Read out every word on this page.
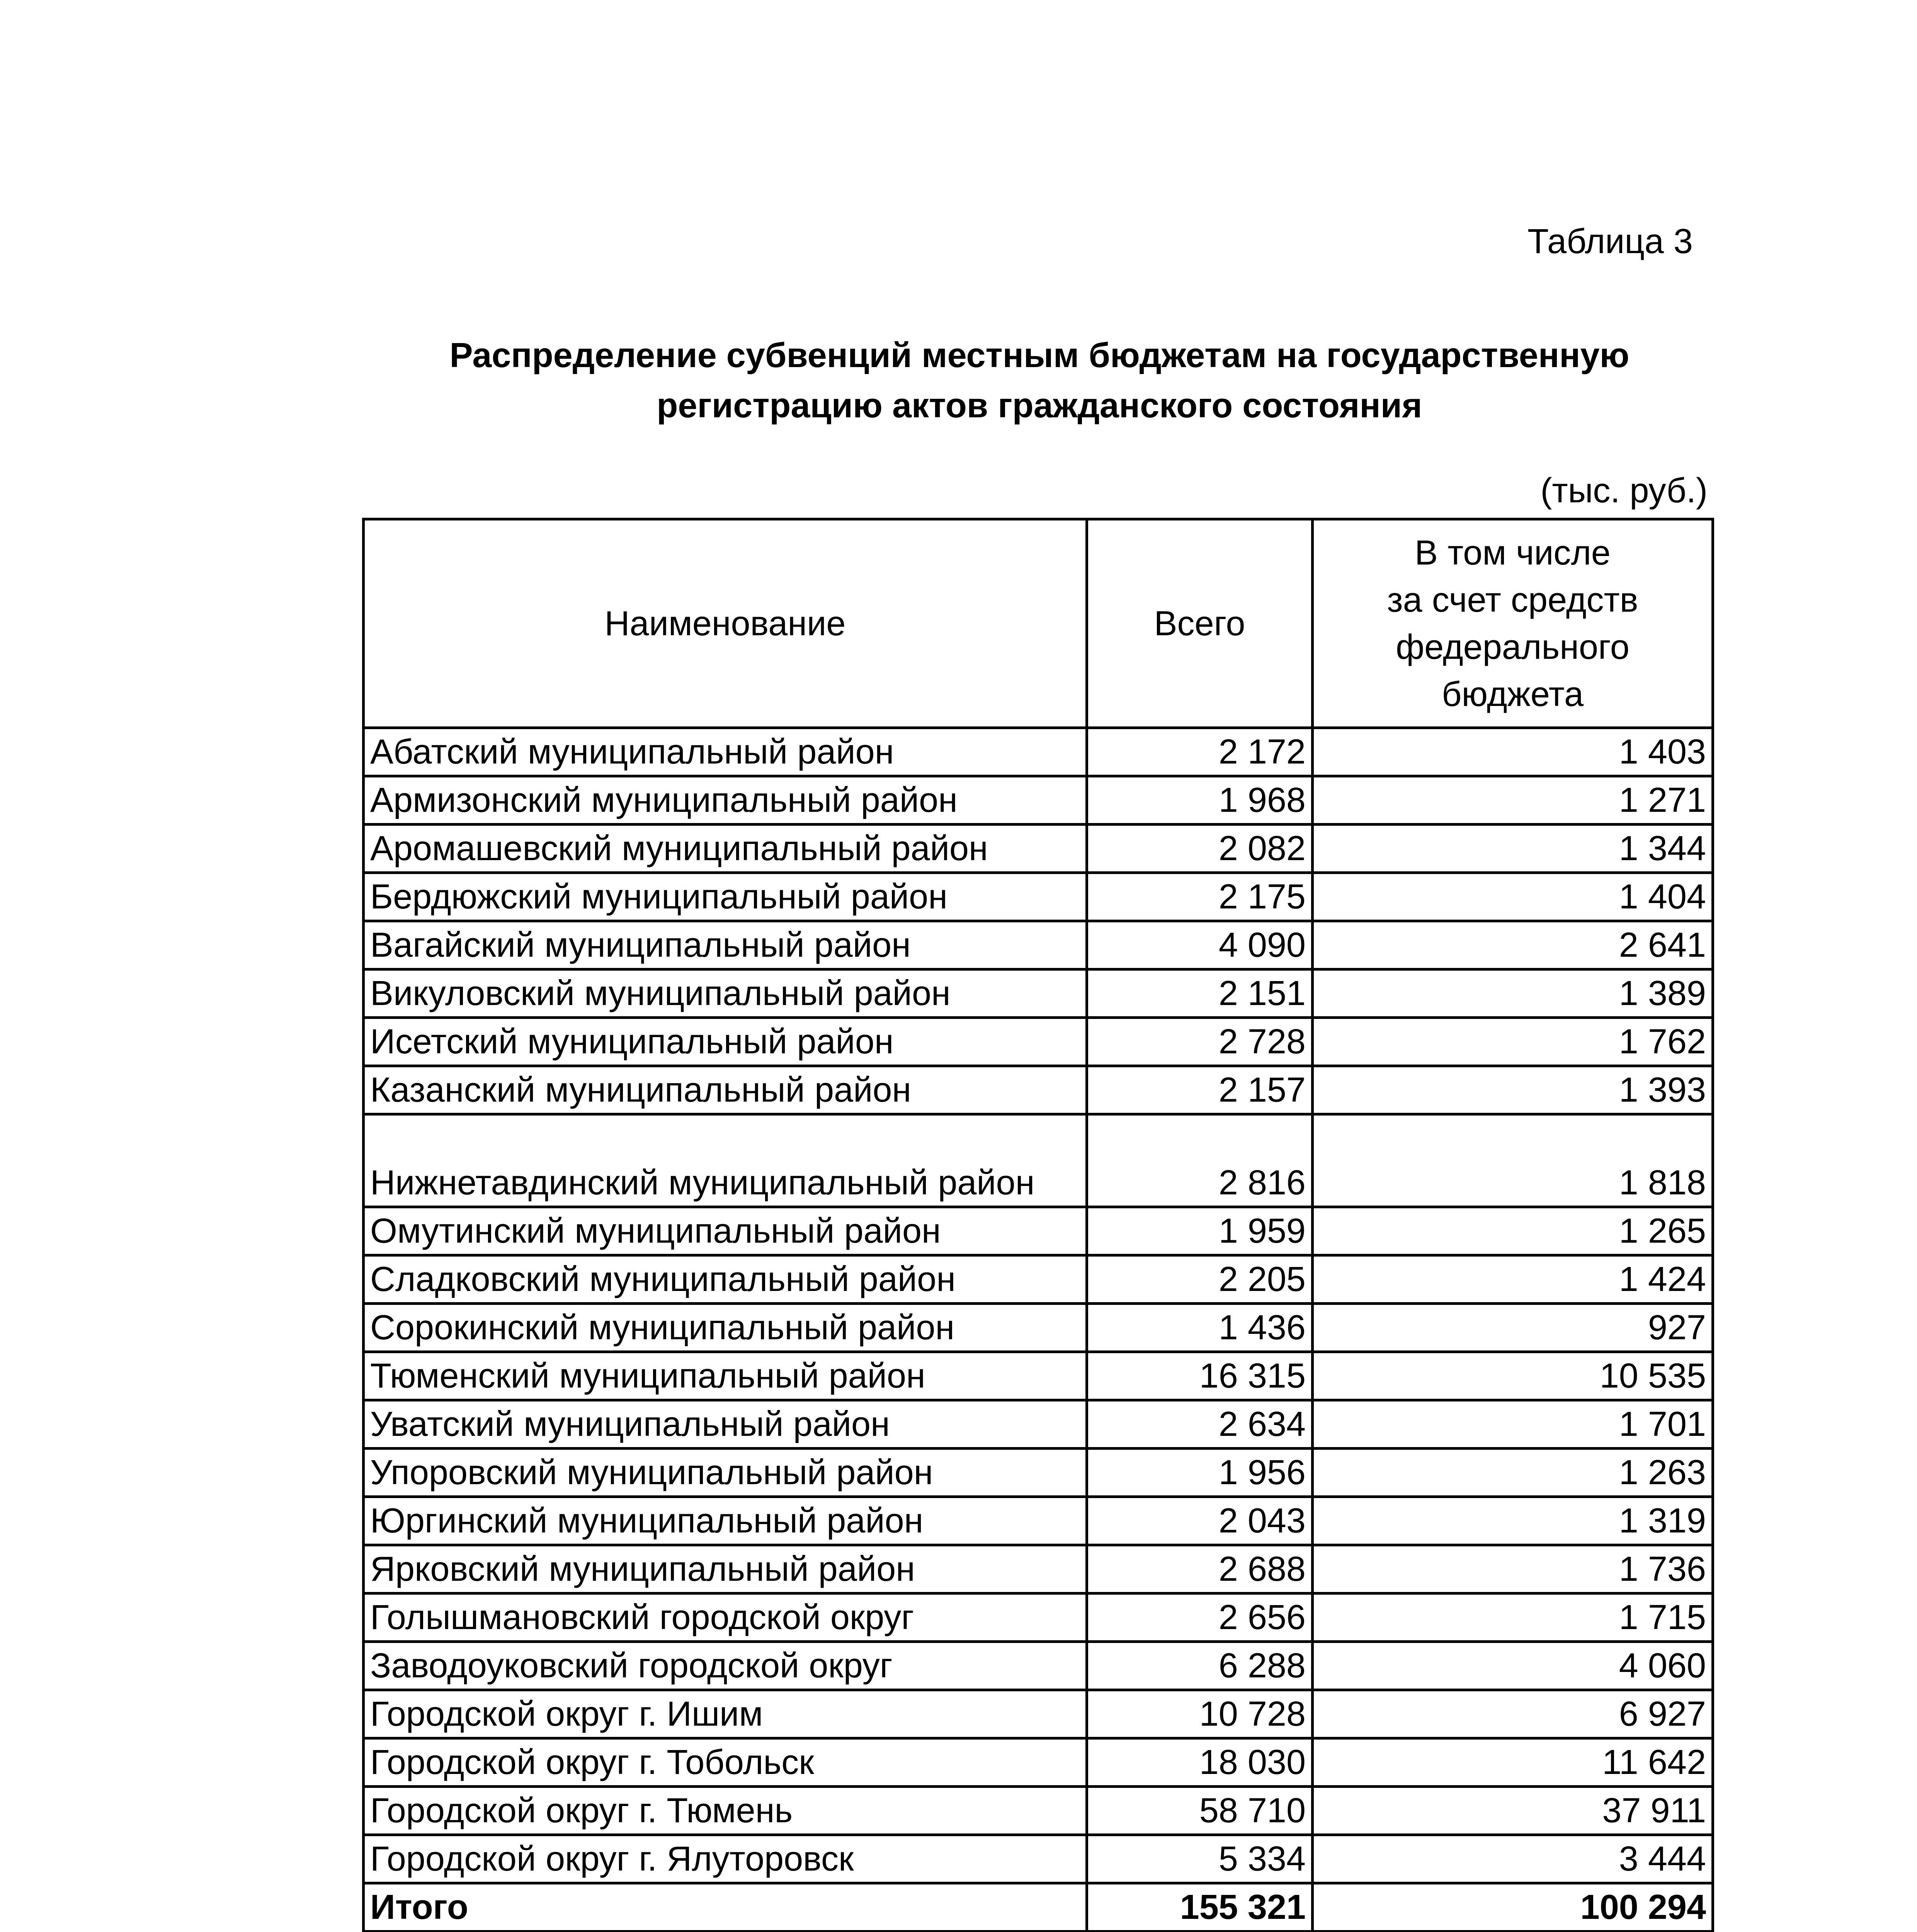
Таблица 3
Распределение субвенций местным бюджетам на государственную
регистрацию актов гражданского состояния
(тыс. руб.)
Наименование	Всего	В том числе
за счет средств
федерального
бюджета

Абатский муниципальный район	2 172	1 403
Армизонский муниципальный район	1 968	1 271
Аромашевский муниципальный район	2 082	1 344
Бердюжский муниципальный район	2 175	1 404
Вагайский муниципальный район	4 090	2 641
Викуловский муниципальный район	2 151	1 389
Исетский муниципальный район	2 728	1 762
Казанский муниципальный район	2 157	1 393
Нижнетавдинский муниципальный район	2 816	1 818
Омутинский муниципальный район	1 959	1 265
Сладковский муниципальный район	2 205	1 424
Сорокинский муниципальный район	1 436	927
Тюменский муниципальный район	16 315	10 535
Уватский муниципальный район	2 634	1 701
Упоровский муниципальный район	1 956	1 263
Юргинский муниципальный район	2 043	1 319
Ярковский муниципальный район	2 688	1 736
Голышмановский городской округ	2 656	1 715
Заводоуковский городской округ	6 288	4 060
Городской округ г. Ишим	10 728	6 927
Городской округ г. Тобольск	18 030	11 642
Городской округ г. Тюмень	58 710	37 911
Городской округ г. Ялуторовск	5 334	3 444
Итого	155 321	100 294
